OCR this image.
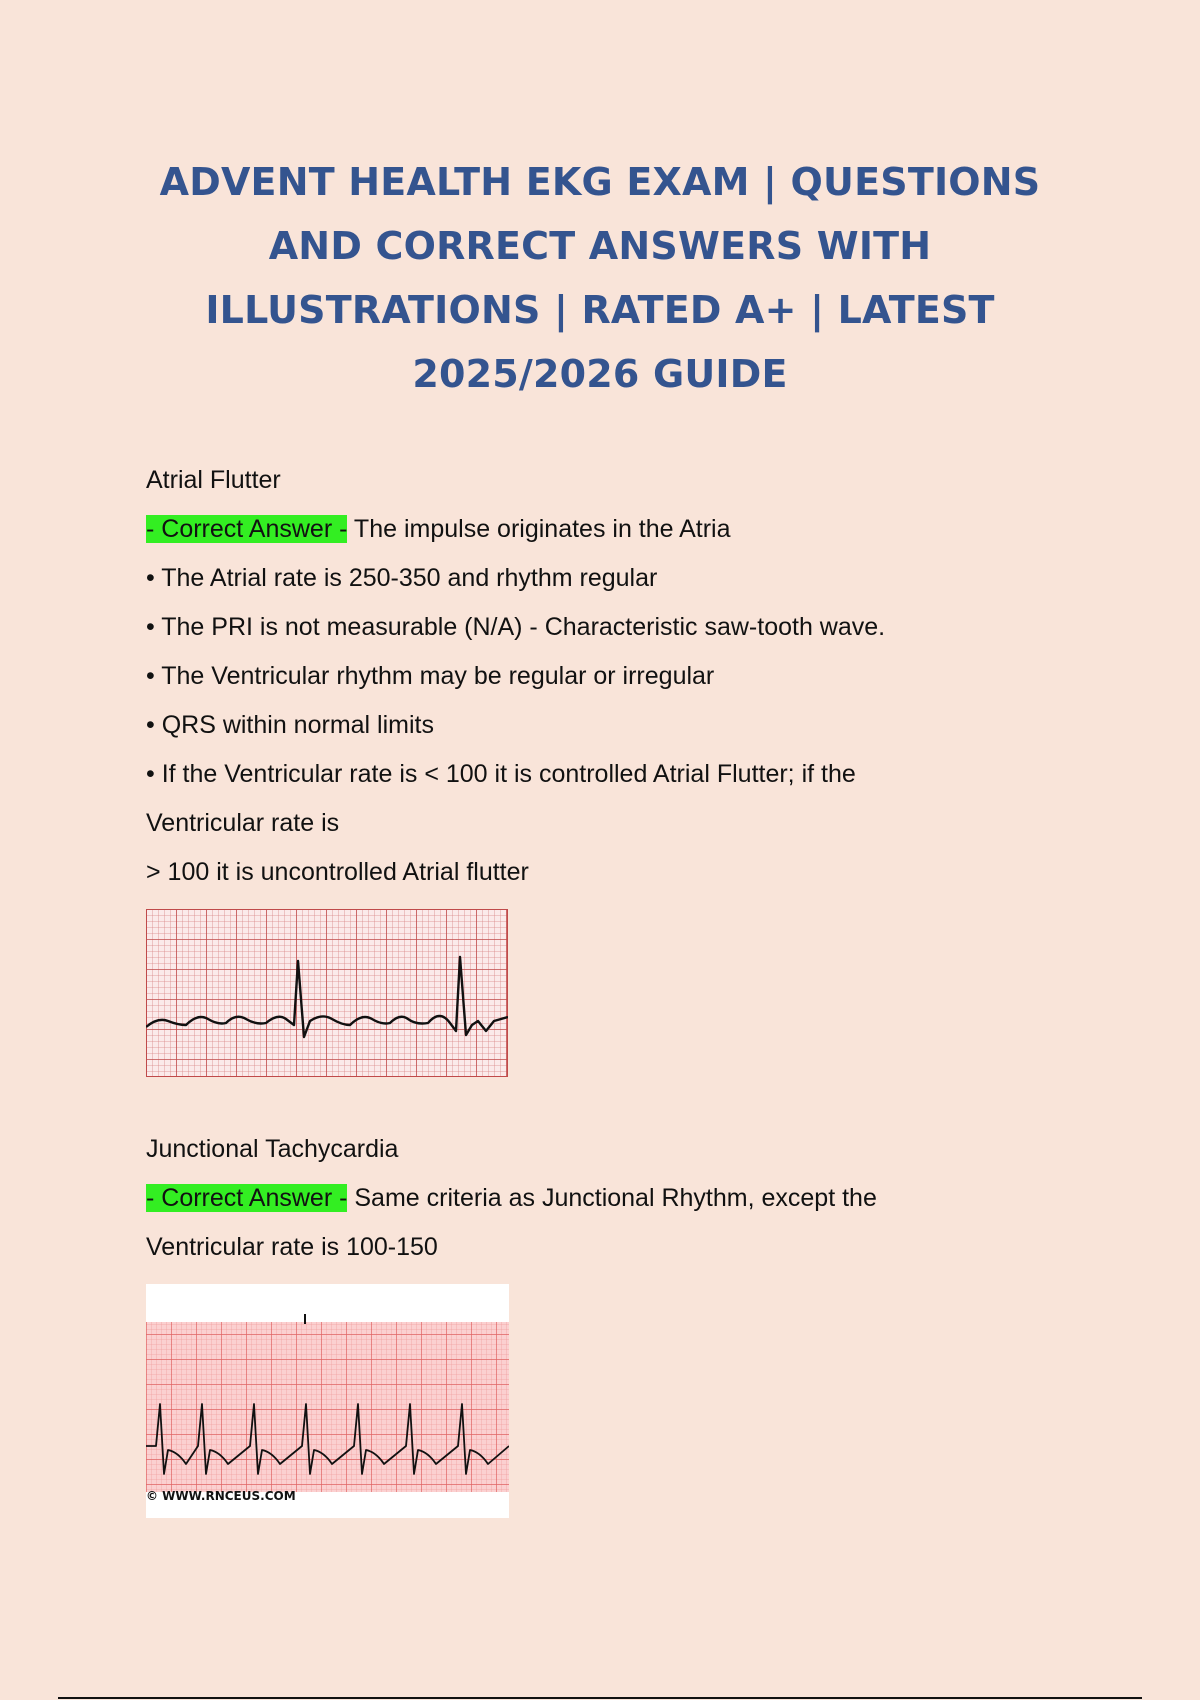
ADVENT HEALTH EKG EXAM | QUESTIONS
AND CORRECT ANSWERS WITH
ILLUSTRATIONS | RATED A+ | LATEST
2025/2026 GUIDE
Atrial Flutter
- Correct Answer - The impulse originates in the Atria
• The Atrial rate is 250-350 and rhythm regular
• The PRI is not measurable (N/A) - Characteristic saw-tooth wave.
• The Ventricular rhythm may be regular or irregular
• QRS within normal limits
• If the Ventricular rate is < 100 it is controlled Atrial Flutter; if the
Ventricular rate is
> 100 it is uncontrolled Atrial flutter
Junctional Tachycardia
- Correct Answer - Same criteria as Junctional Rhythm, except the
Ventricular rate is 100-150
© WWW.RNCEUS.COM
